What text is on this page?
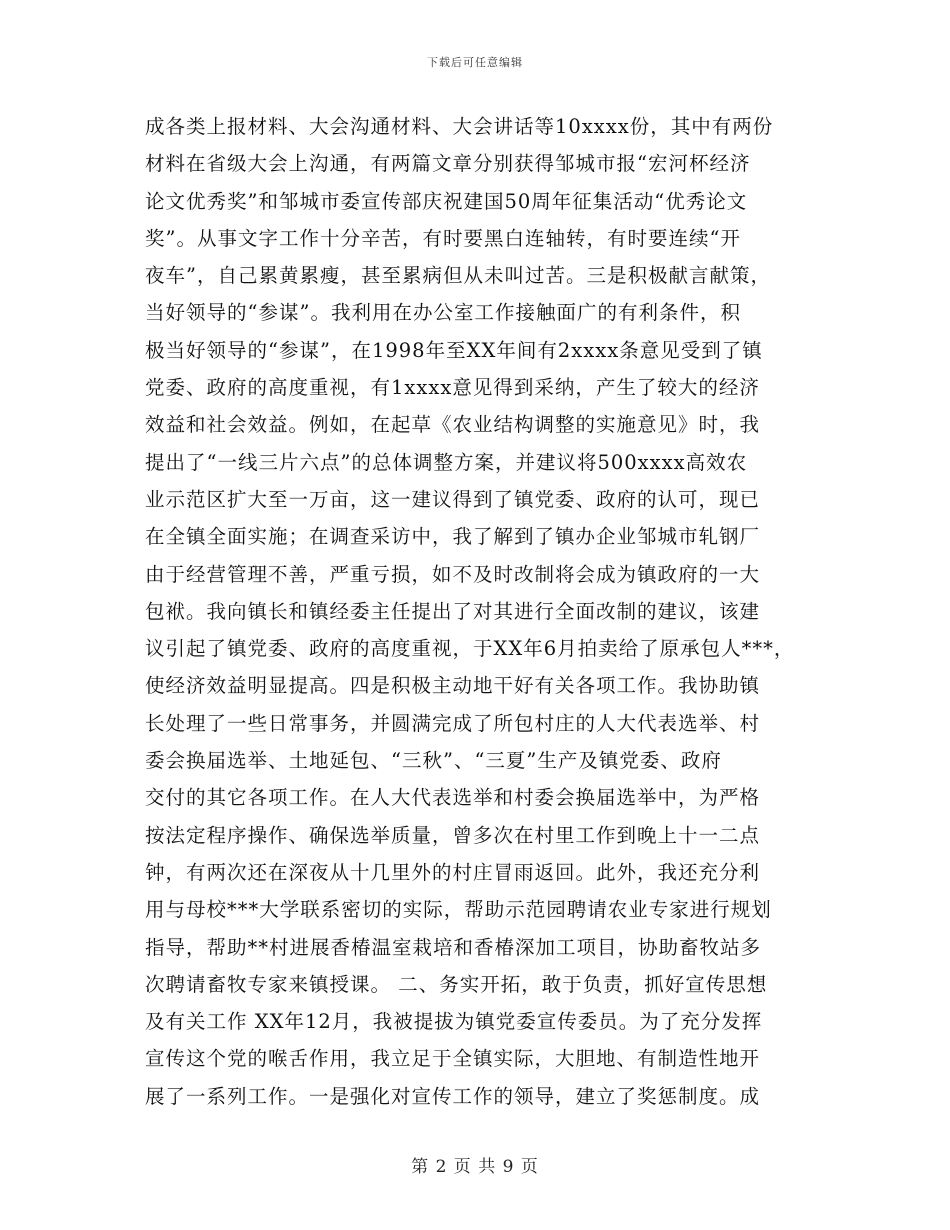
下载后可任意编辑
成各类上报材料、大会沟通材料、大会讲话等10xxxx份，其中有两份
材料在省级大会上沟通，有两篇文章分别获得邹城市报“宏河杯经济
论文优秀奖”和邹城市委宣传部庆祝建国50周年征集活动“优秀论文
奖”。从事文字工作十分辛苦，有时要黑白连轴转，有时要连续“开
夜车”，自己累黄累瘦，甚至累病但从未叫过苦。三是积极献言献策，
当好领导的“参谋”。我利用在办公室工作接触面广的有利条件，积
极当好领导的“参谋”，在1998年至XX年间有2xxxx条意见受到了镇
党委、政府的高度重视，有1xxxx意见得到采纳，产生了较大的经济
效益和社会效益。例如，在起草《农业结构调整的实施意见》时，我
提出了“一线三片六点”的总体调整方案，并建议将500xxxx高效农
业示范区扩大至一万亩，这一建议得到了镇党委、政府的认可，现已
在全镇全面实施；在调查采访中，我了解到了镇办企业邹城市轧钢厂
由于经营管理不善，严重亏损，如不及时改制将会成为镇政府的一大
包袱。我向镇长和镇经委主任提出了对其进行全面改制的建议，该建
议引起了镇党委、政府的高度重视，于XX年6月拍卖给了原承包人***，
使经济效益明显提高。四是积极主动地干好有关各项工作。我协助镇
长处理了一些日常事务，并圆满完成了所包村庄的人大代表选举、村
委会换届选举、土地延包、“三秋”、“三夏”生产及镇党委、政府
交付的其它各项工作。在人大代表选举和村委会换届选举中，为严格
按法定程序操作、确保选举质量，曾多次在村里工作到晚上十一二点
钟，有两次还在深夜从十几里外的村庄冒雨返回。此外，我还充分利
用与母校***大学联系密切的实际，帮助示范园聘请农业专家进行规划
指导，帮助**村进展香椿温室栽培和香椿深加工项目，协助畜牧站多
次聘请畜牧专家来镇授课。 二、务实开拓，敢于负责，抓好宣传思想
及有关工作 XX年12月，我被提拔为镇党委宣传委员。为了充分发挥
宣传这个党的喉舌作用，我立足于全镇实际，大胆地、有制造性地开
展了一系列工作。一是强化对宣传工作的领导，建立了奖惩制度。成
第 2 页 共 9 页
